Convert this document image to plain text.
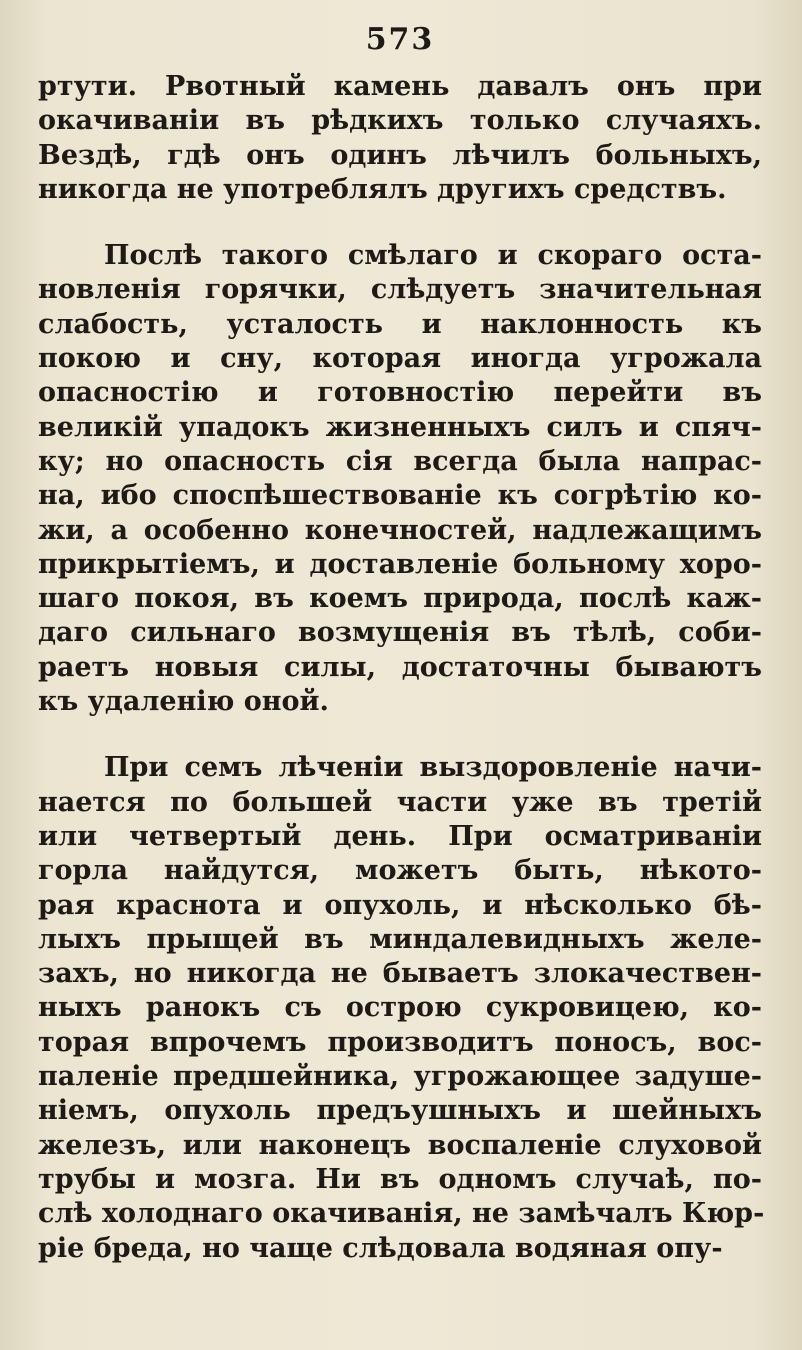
573
ртути. Рвотный камень давалъ онъ при
окачиваніи въ рѣдкихъ только случаяхъ.
Вездѣ, гдѣ онъ одинъ лѣчилъ больныхъ,
никогда не употреблялъ другихъ средствъ.
Послѣ такого смѣлаго и скораго оста-
новленія горячки, слѣдуетъ значительная
слабость, усталость и наклонность къ
покою и сну, которая иногда угрожала
опасностію и готовностію перейти въ
великій упадокъ жизненныхъ силъ и спяч-
ку; но опасность сія всегда была напрас-
на, ибо споспѣшествованіе къ согрѣтію ко-
жи, а особенно конечностей, надлежащимъ
прикрытіемъ, и доставленіе больному хоро-
шаго покоя, въ коемъ природа, послѣ каж-
даго сильнаго возмущенія въ тѣлѣ, соби-
раетъ новыя силы, достаточны бываютъ
къ удаленію оной.
При семъ лѣченіи выздоровленіе начи-
нается по большей части уже въ третій
или четвертый день. При осматриваніи
горла найдутся, можетъ быть, нѣкото-
рая краснота и опухоль, и нѣсколько бѣ-
лыхъ прыщей въ миндалевидныхъ желе-
захъ, но никогда не бываетъ злокачествен-
ныхъ ранокъ съ острою сукровицею, ко-
торая впрочемъ производитъ поносъ, вос-
паленіе предшейника, угрожающее задуше-
ніемъ, опухоль предъушныхъ и шейныхъ
железъ, или наконецъ воспаленіе слуховой
трубы и мозга. Ни въ одномъ случаѣ, по-
слѣ холоднаго окачиванія, не замѣчалъ Кюр-
ріе бреда, но чаще слѣдовала водяная опу-
